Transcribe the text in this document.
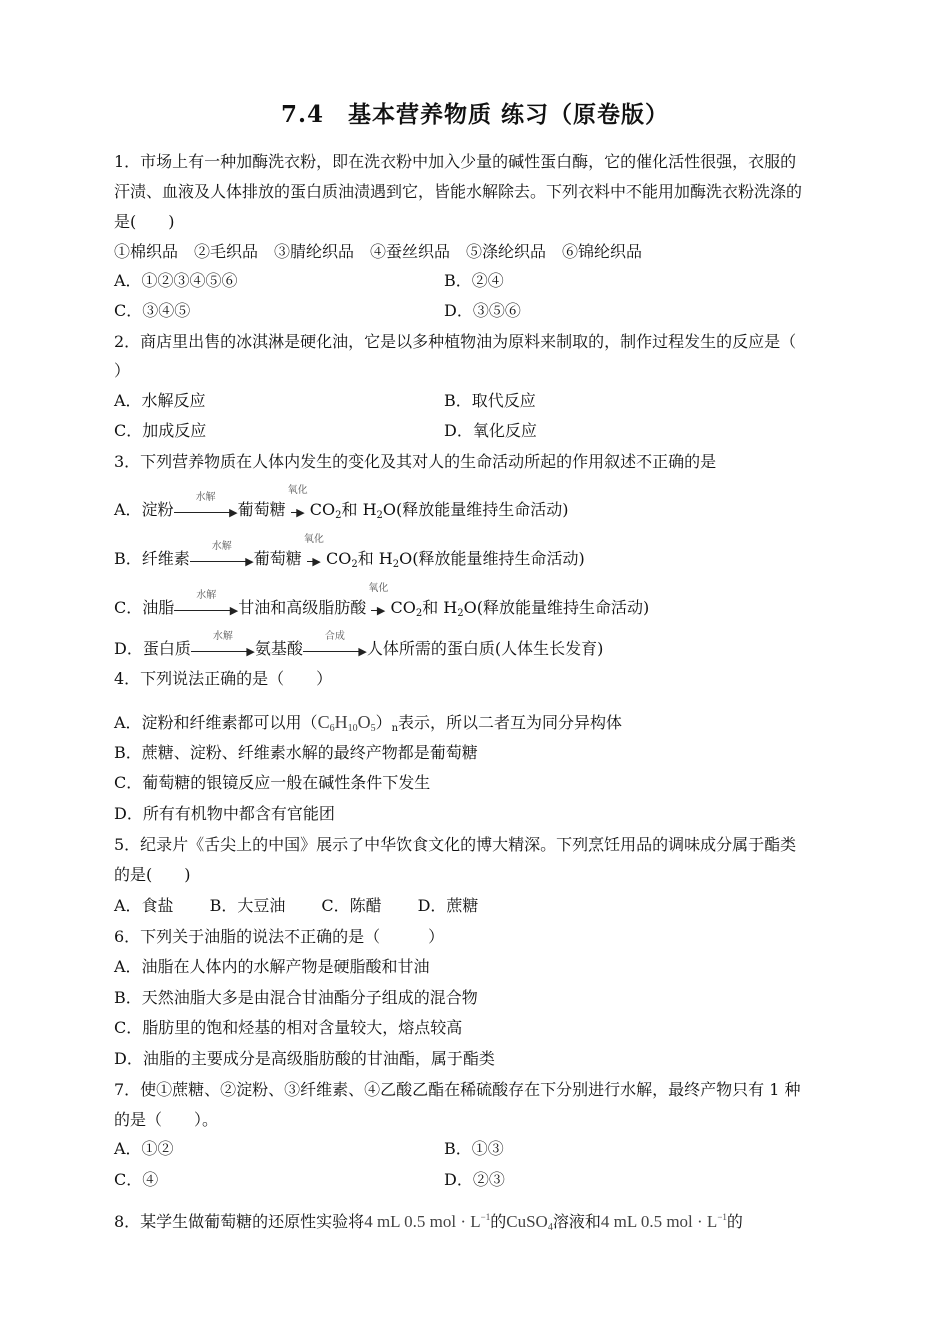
7.4　基本营养物质 练习（原卷版）
1．市场上有一种加酶洗衣粉，即在洗衣粉中加入少量的碱性蛋白酶，它的催化活性很强，衣服的
汗渍、血液及人体排放的蛋白质油渍遇到它，皆能水解除去。下列衣料中不能用加酶洗衣粉洗涤的
是(　　)
①棉织品　②毛织品　③腈纶织品　④蚕丝织品　⑤涤纶织品　⑥锦纶织品
A．①②③④⑤⑥	B．②④
C．③④⑤	D．③⑤⑥
2．商店里出售的冰淇淋是硬化油，它是以多种植物油为原料来制取的，制作过程发生的反应是（
）
A．水解反应	B．取代反应
C．加成反应	D．氧化反应
3．下列营养物质在人体内发生的变化及其对人的生命活动所起的作用叙述不正确的是
A．淀粉
水解
▶ 葡萄糖
氧化
▶ $CO_2$和 $H_2O$(释放能量维持生命活动)
B．纤维素
水解
▶ 葡萄糖
氧化
▶ $CO_2$和 $H_2O$(释放能量维持生命活动)
C．油脂
水解
▶ 甘油和高级脂肪酸
氧化
▶ $CO_2$和 $H_2O$(释放能量维持生命活动)
D．蛋白质
水解
▶ 氨基酸
合成
▶ 人体所需的蛋白质(人体生长发育)
4．下列说法正确的是（　　）
A．淀粉和纤维素都可以用$(C_6H_{10}O_5)_n$表示，所以二者互为同分异构体
B．蔗糖、淀粉、纤维素水解的最终产物都是葡萄糖
C．葡萄糖的银镜反应一般在碱性条件下发生
D．所有有机物中都含有官能团
5．纪录片《舌尖上的中国》展示了中华饮食文化的博大精深。下列烹饪用品的调味成分属于酯类
的是(　　)
A．食盐 B．大豆油 C．陈醋 D．蔗糖
6．下列关于油脂的说法不正确的是（　　　）
A．油脂在人体内的水解产物是硬脂酸和甘油
B．天然油脂大多是由混合甘油酯分子组成的混合物
C．脂肪里的饱和烃基的相对含量较大，熔点较高
D．油脂的主要成分是高级脂肪酸的甘油酯，属于酯类
7．使①蔗糖、②淀粉、③纤维素、④乙酸乙酯在稀硫酸存在下分别进行水解，最终产物只有 1 种
的是（　　）。
A．①②	B．①③
C．④	D．②③
8．某学生做葡萄糖的还原性实验将4 mL 0.5 mol · $L^{-1}$的CuSO$_4$溶液和4 mL 0.5 mol · $L^{-1}$的
